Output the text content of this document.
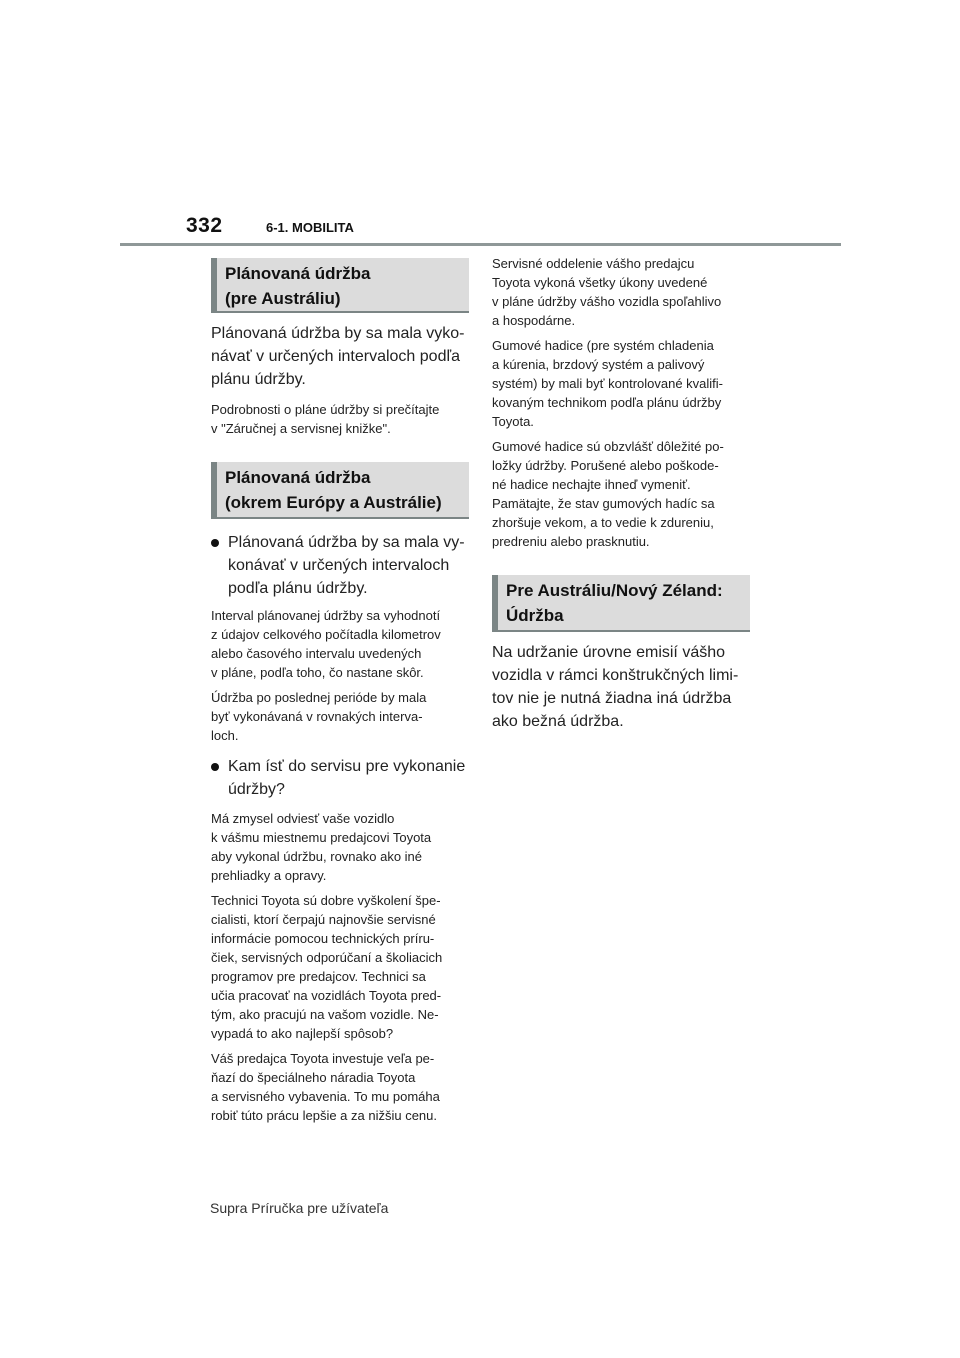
332	6-1. MOBILITA
Plánovaná údržba
(pre Austráliu)

Plánovaná údržba by sa mala vyko-
návať v určených intervaloch podľa
plánu údržby.

Podrobnosti o pláne údržby si prečítajte
v "Záručnej a servisnej knižke".

Plánovaná údržba
(okrem Európy a Austrálie)
Plánovaná údržba by sa mala vy-
konávať v určených intervaloch
podľa plánu údržby.

Interval plánovanej údržby sa vyhodnotí
z údajov celkového počítadla kilometrov
alebo časového intervalu uvedených
v pláne, podľa toho, čo nastane skôr.

Údržba po poslednej perióde by mala
byť vykonávaná v rovnakých interva-
loch.

Kam ísť do servisu pre vykonanie
údržby?

Má zmysel odviesť vaše vozidlo
k vášmu miestnemu predajcovi Toyota
aby vykonal údržbu, rovnako ako iné
prehliadky a opravy.

Technici Toyota sú dobre vyškolení špe-
cialisti, ktorí čerpajú najnovšie servisné
informácie pomocou technických príru-
čiek, servisných odporúčaní a školiacich
programov pre predajcov. Technici sa
učia pracovať na vozidlách Toyota pred-
tým, ako pracujú na vašom vozidle. Ne-
vypadá to ako najlepší spôsob?

Váš predajca Toyota investuje veľa pe-
ňazí do špeciálneho náradia Toyota
a servisného vybavenia. To mu pomáha
robiť túto prácu lepšie a za nižšiu cenu.

Servisné oddelenie vášho predajcu
Toyota vykoná všetky úkony uvedené
v pláne údržby vášho vozidla spoľahlivo
a hospodárne.

Gumové hadice (pre systém chladenia
a kúrenia, brzdový systém a palivový
systém) by mali byť kontrolované kvalifi-
kovaným technikom podľa plánu údržby
Toyota.

Gumové hadice sú obzvlášť dôležité po-
ložky údržby. Porušené alebo poškode-
né hadice nechajte ihneď vymeniť.
Pamätajte, že stav gumových hadíc sa
zhoršuje vekom, a to vedie k zdureniu,
predreniu alebo prasknutiu.

Pre Austráliu/Nový Zéland:
Údržba

Na udržanie úrovne emisií vášho
vozidla v rámci konštrukčných limi-
tov nie je nutná žiadna iná údržba
ako bežná údržba.

Supra Príručka pre užívateľa
